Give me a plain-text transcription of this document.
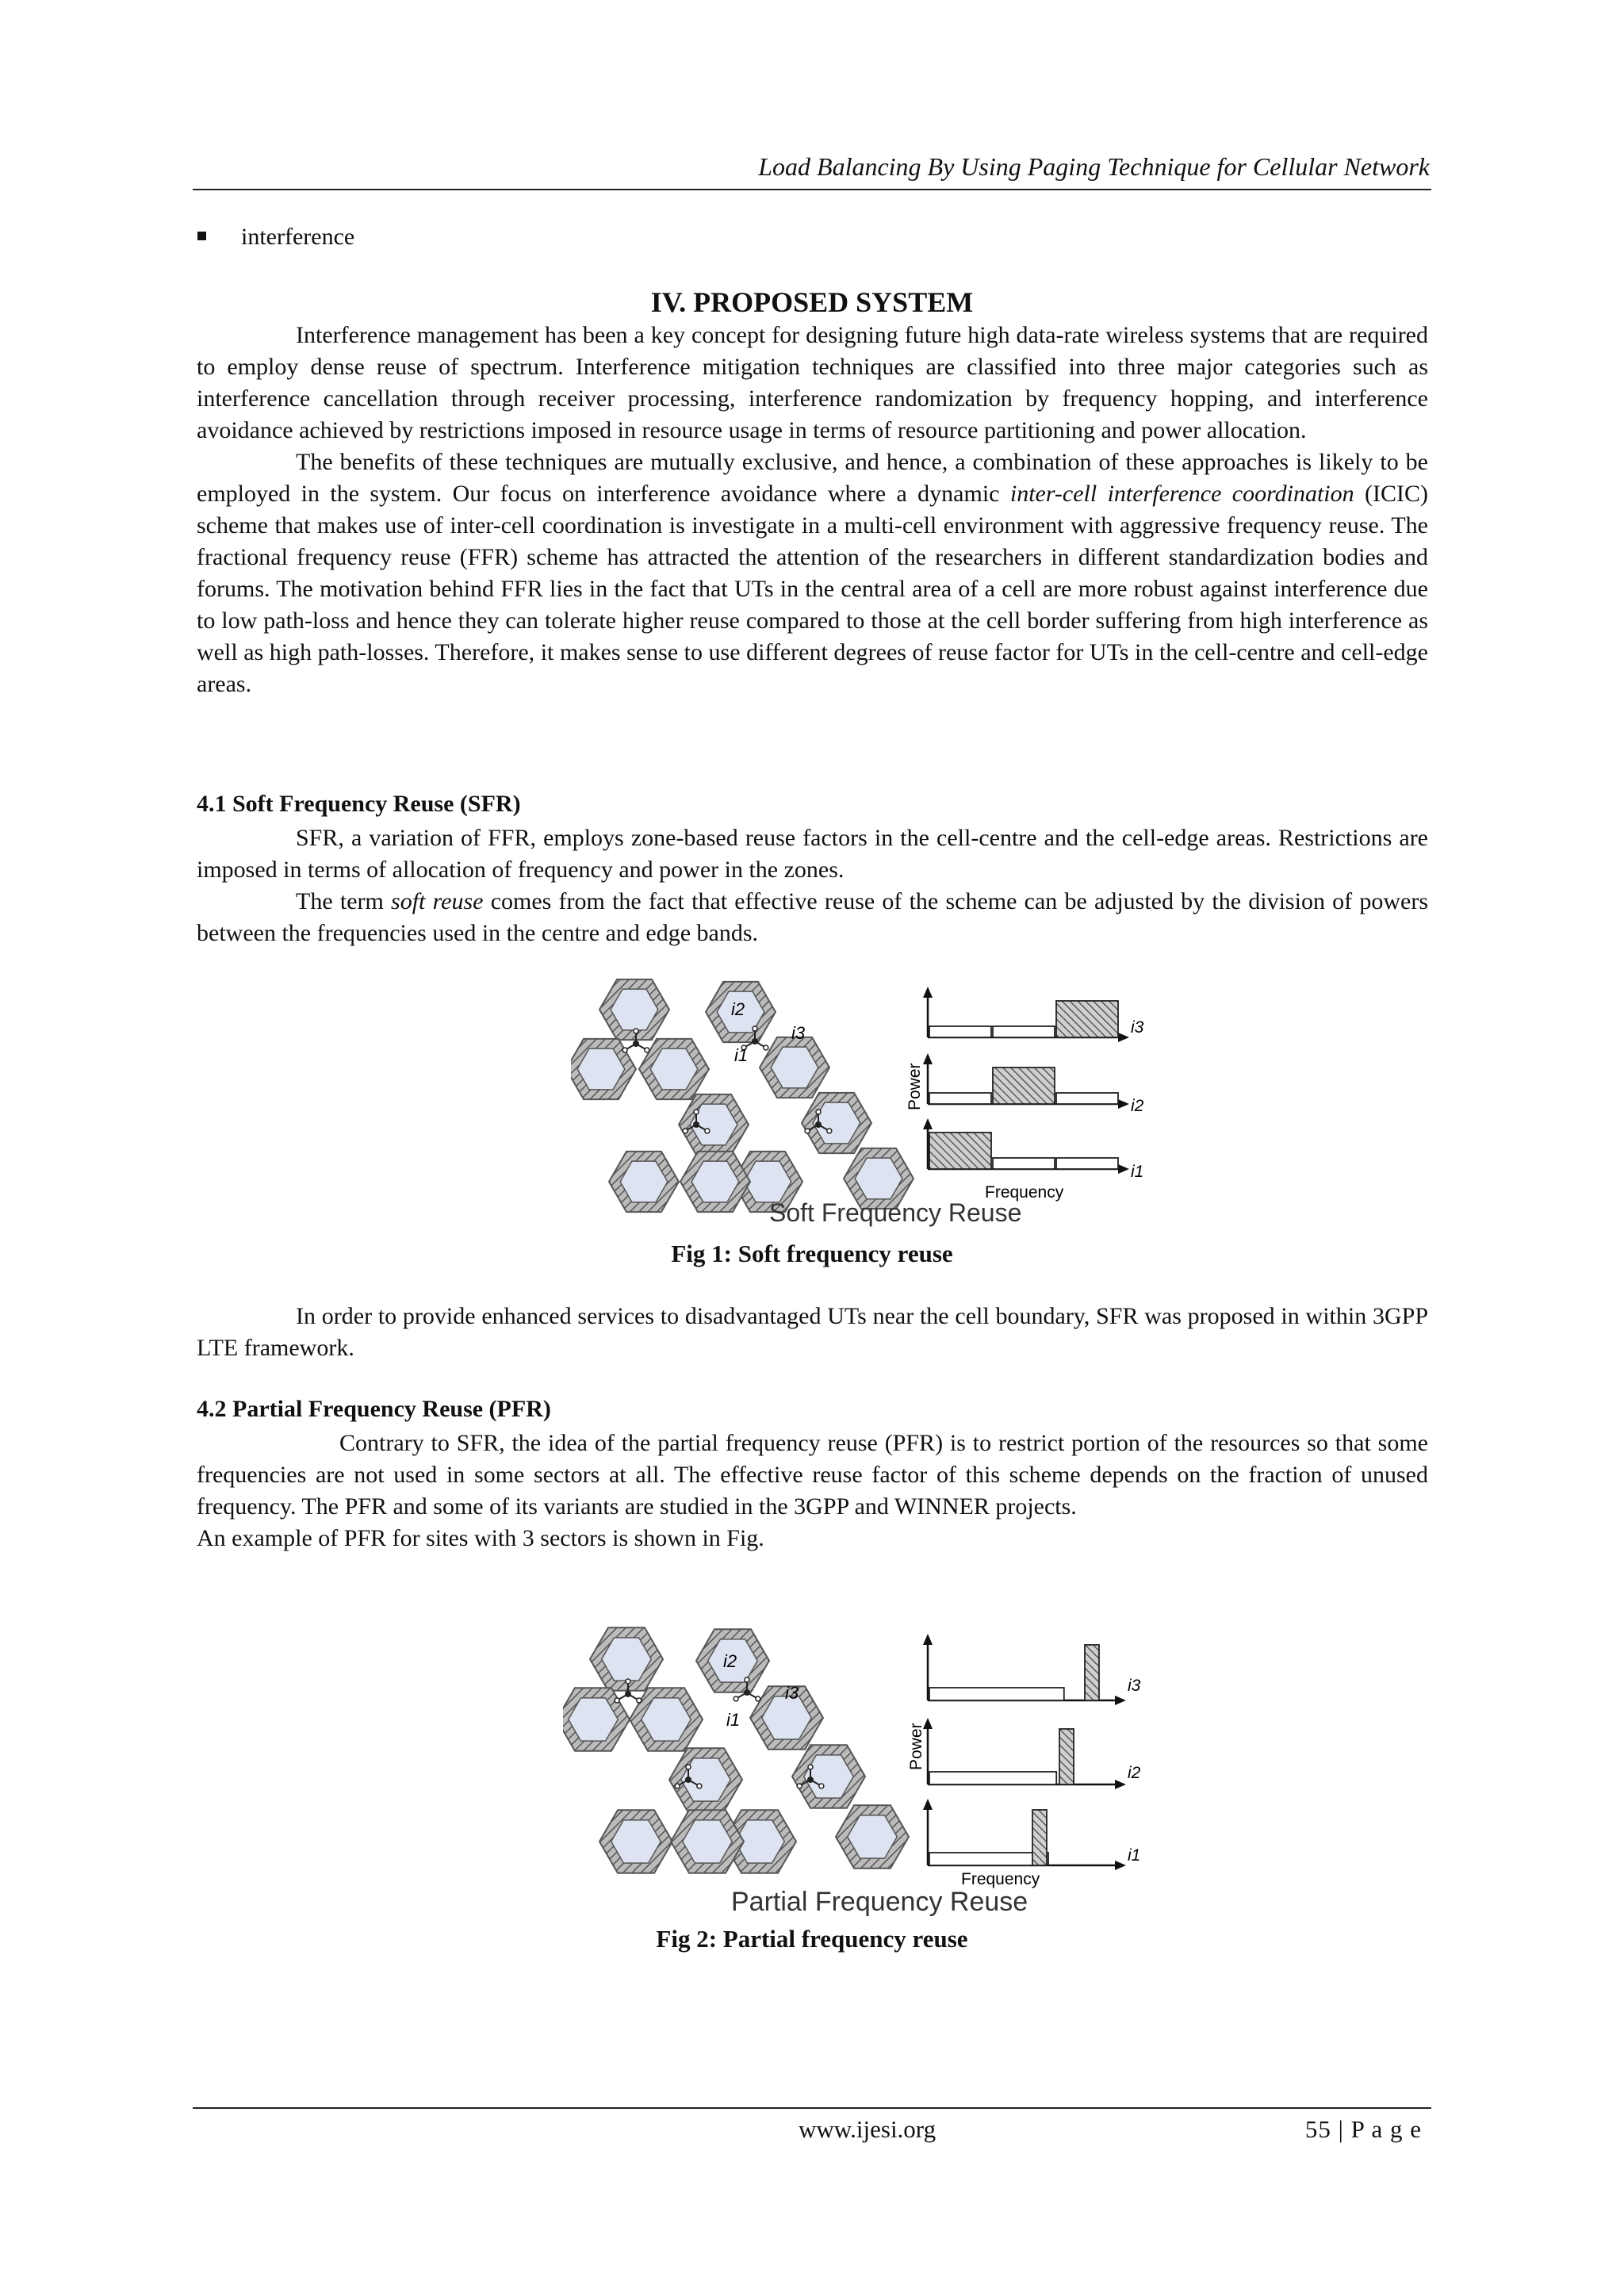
Load Balancing By Using Paging Technique for Cellular Network
interference
IV. PROPOSED SYSTEM

Interference management has been a key concept for designing future high data-rate wireless systems that are required to employ dense reuse of spectrum. Interference mitigation techniques are classified into three major categories such as interference cancellation through receiver processing, interference randomization by frequency hopping, and interference avoidance achieved by restrictions imposed in resource usage in terms of resource partitioning and power allocation.

The benefits of these techniques are mutually exclusive, and hence, a combination of these approaches is likely to be employed in the system. Our focus on interference avoidance where a dynamic inter-cell interference coordination (ICIC) scheme that makes use of inter-cell coordination is investigate in a multi-cell environment with aggressive frequency reuse. The fractional frequency reuse (FFR) scheme has attracted the attention of the researchers in different standardization bodies and forums. The motivation behind FFR lies in the fact that UTs in the central area of a cell are more robust against interference due to low path-loss and hence they can tolerate higher reuse compared to those at the cell border suffering from high interference as well as high path-losses. Therefore, it makes sense to use different degrees of reuse factor for UTs in the cell-centre and cell-edge areas.

4.1 Soft Frequency Reuse (SFR)

SFR, a variation of FFR, employs zone-based reuse factors in the cell-centre and the cell-edge areas. Restrictions are imposed in terms of allocation of frequency and power in the zones.

The term soft reuse comes from the fact that effective reuse of the scheme can be adjusted by the division of powers between the frequencies used in the centre and edge bands.

i2
i3
i1
Power
Frequency
i3
i2
i1
Soft Frequency Reuse
Fig 1: Soft frequency reuse

In order to provide enhanced services to disadvantaged UTs near the cell boundary, SFR was proposed in within 3GPP LTE framework.

4.2 Partial Frequency Reuse (PFR)

Contrary to SFR, the idea of the partial frequency reuse (PFR) is to restrict portion of the resources so that some frequencies are not used in some sectors at all. The effective reuse factor of this scheme depends on the fraction of unused frequency. The PFR and some of its variants are studied in the 3GPP and WINNER projects.

An example of PFR for sites with 3 sectors is shown in Fig.

i2
i3
i1
Power
Frequency
i3
i2
i1
Partial Frequency Reuse
Fig 2: Partial frequency reuse
www.ijesi.org	55 | P a g e
